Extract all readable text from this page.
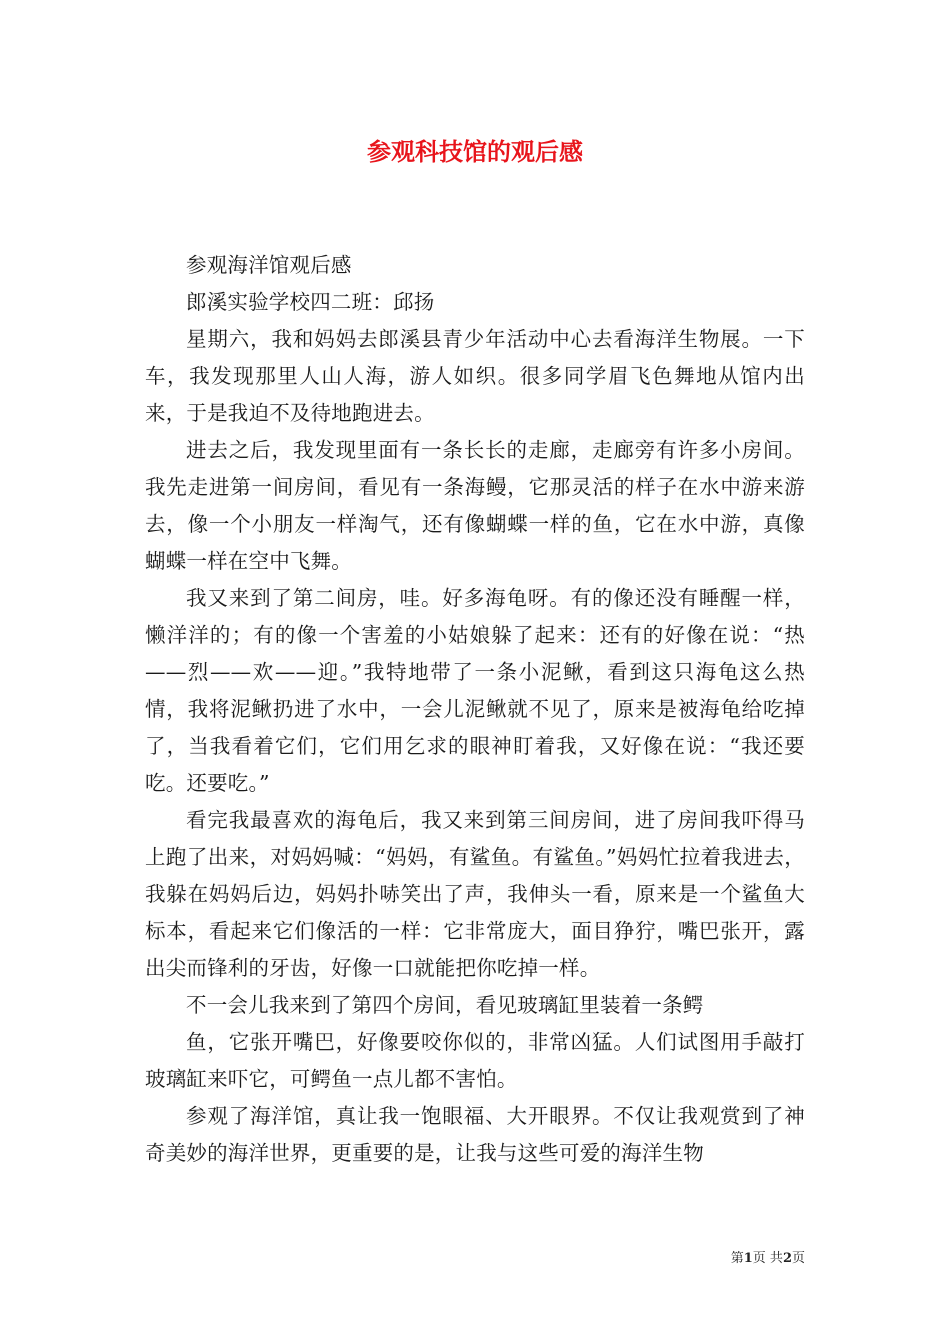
参观科技馆的观后感

参观海洋馆观后感

郎溪实验学校四二班：邱扬

星期六，我和妈妈去郎溪县青少年活动中心去看海洋生物展。一下车，我发现那里人山人海，游人如织。很多同学眉飞色舞地从馆内出来，于是我迫不及待地跑进去。

进去之后，我发现里面有一条长长的走廊，走廊旁有许多小房间。我先走进第一间房间，看见有一条海鳗，它那灵活的样子在水中游来游去，像一个小朋友一样淘气，还有像蝴蝶一样的鱼，它在水中游，真像蝴蝶一样在空中飞舞。

我又来到了第二间房，哇。好多海龟呀。有的像还没有睡醒一样，懒洋洋的；有的像一个害羞的小姑娘躲了起来：还有的好像在说：“热——烈——欢——迎。”我特地带了一条小泥鳅，看到这只海龟这么热情，我将泥鳅扔进了水中，一会儿泥鳅就不见了，原来是被海龟给吃掉了，当我看着它们，它们用乞求的眼神盯着我，又好像在说：“我还要吃。还要吃。”

看完我最喜欢的海龟后，我又来到第三间房间，进了房间我吓得马上跑了出来，对妈妈喊：“妈妈，有鲨鱼。有鲨鱼。”妈妈忙拉着我进去，我躲在妈妈后边，妈妈扑哧笑出了声，我伸头一看，原来是一个鲨鱼大标本，看起来它们像活的一样：它非常庞大，面目狰狞，嘴巴张开，露出尖而锋利的牙齿，好像一口就能把你吃掉一样。

不一会儿我来到了第四个房间，看见玻璃缸里装着一条鳄

鱼，它张开嘴巴，好像要咬你似的，非常凶猛。人们试图用手敲打玻璃缸来吓它，可鳄鱼一点儿都不害怕。

参观了海洋馆，真让我一饱眼福、大开眼界。不仅让我观赏到了神奇美妙的海洋世界，更重要的是，让我与这些可爱的海洋生物

第1页 共2页
